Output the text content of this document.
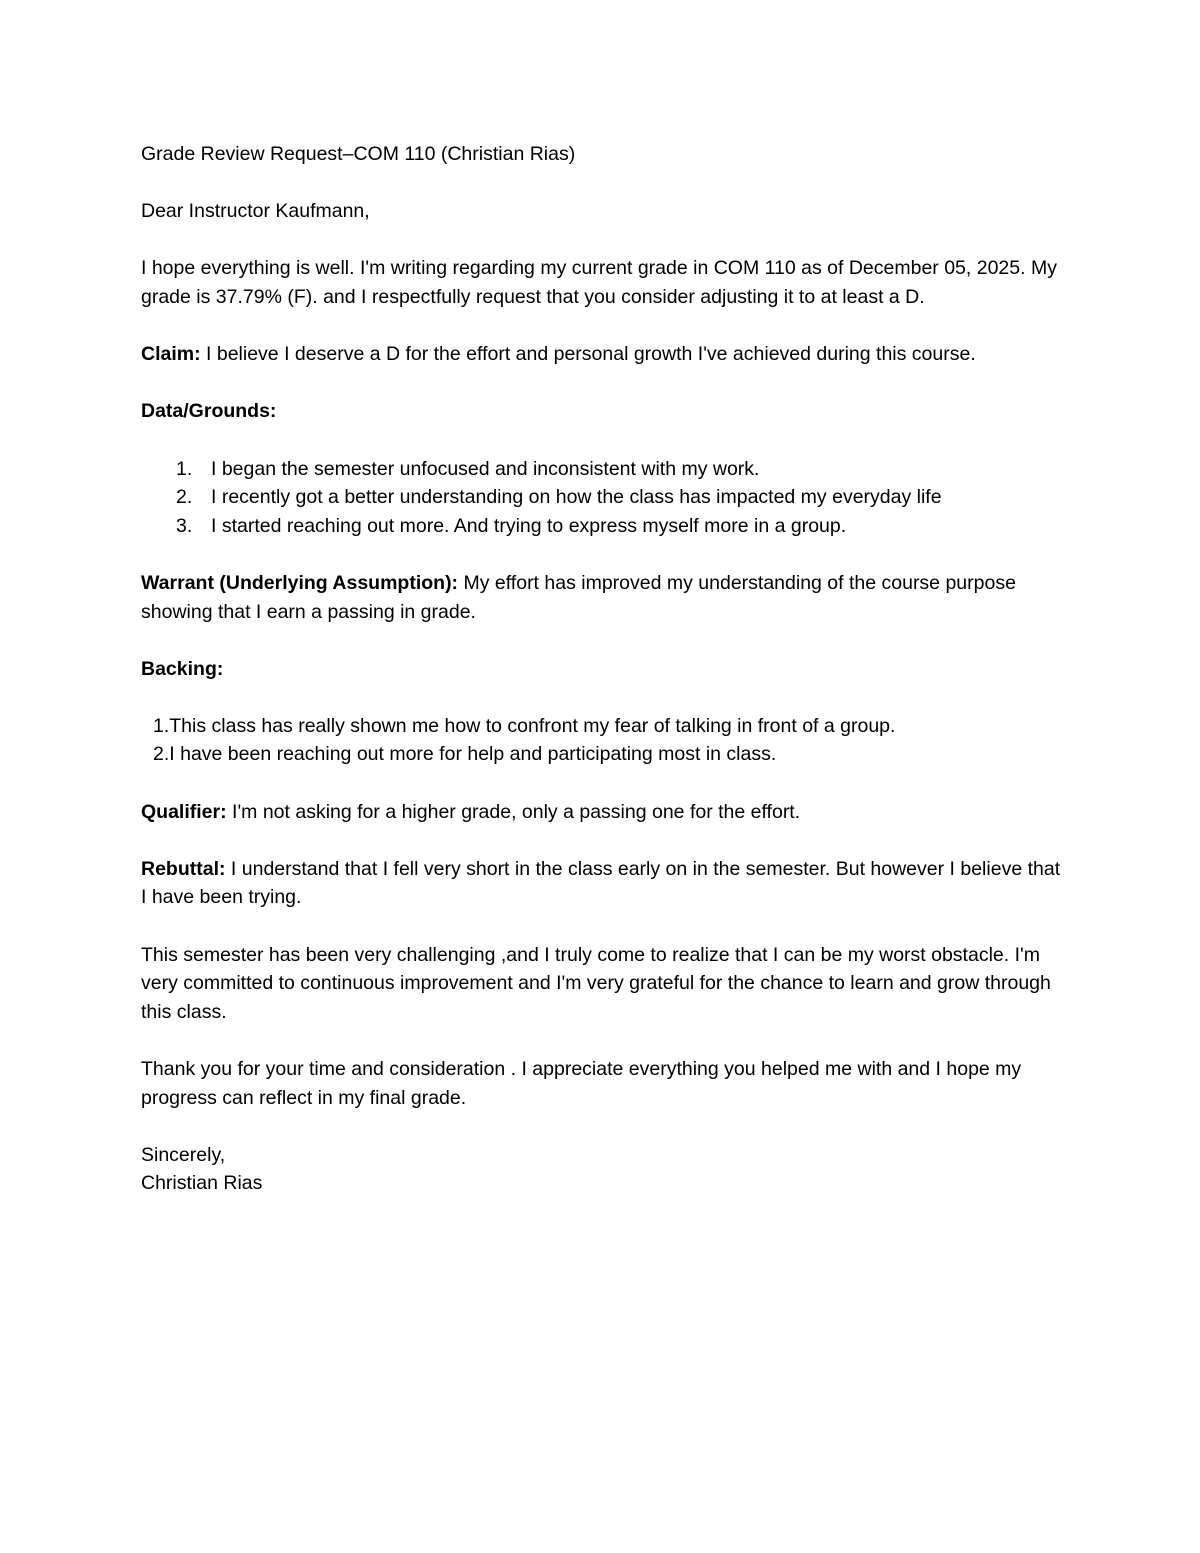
Grade Review Request–COM 110 (Christian Rias)

Dear Instructor Kaufmann,

I hope everything is well. I'm writing regarding my current grade in COM 110 as of December 05, 2025. My grade is 37.79% (F). and I respectfully request that you consider adjusting it to at least a D.

Claim: I believe I deserve a D for the effort and personal growth I've achieved during this course.

Data/Grounds:

1. I began the semester unfocused and inconsistent with my work.
2. I recently got a better understanding on how the class has impacted my everyday life
3. I started reaching out more. And trying to express myself more in a group.

Warrant (Underlying Assumption): My effort has improved my understanding of the course purpose showing that I earn a passing in grade.

Backing:

1.This class has really shown me how to confront my fear of talking in front of a group.

2.I have been reaching out more for help and participating most in class.

Qualifier: I'm not asking for a higher grade, only a passing one for the effort.

Rebuttal: I understand that I fell very short in the class early on in the semester. But however I believe that I have been trying.

This semester has been very challenging ,and I truly come to realize that I can be my worst obstacle. I'm very committed to continuous improvement and I'm very grateful for the chance to learn and grow through this class.

Thank you for your time and consideration . I appreciate everything you helped me with and I hope my progress can reflect in my final grade.

Sincerely,

Christian Rias
